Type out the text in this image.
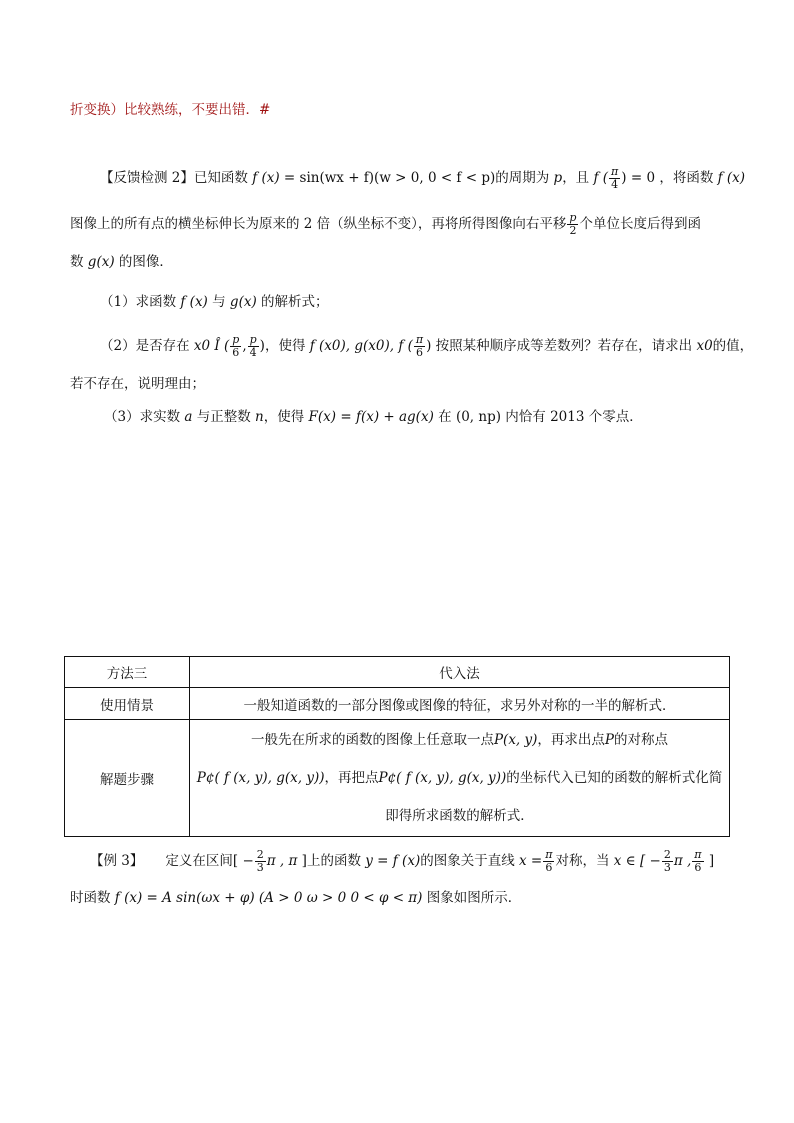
折变换）比较熟练，不要出错．#
【反馈检测 2】已知函数 f (x) = sin(wx + f)(w > 0, 0 < f < p)的周期为 p，且 f ( $\frac{\pi}{4}$ ) = 0 ，将函数 f (x)
图像上的所有点的横坐标伸长为原来的 2 倍（纵坐标不变），再将所得图像向右平移 $\frac{p}{2}$ 个单位长度后得到函
数 g(x) 的图像．
（1）求函数 f (x) 与 g(x) 的解析式；
（2）是否存在 x0 Î ( $\frac{p}{6}$ , $\frac{p}{4}$ )，使得 f (x0), g(x0), f ( $\frac{\pi}{6}$ ) 按照某种顺序成等差数列？若存在，请求出 x0的值，
若不存在，说明理由；
（3）求实数 a 与正整数 n，使得 F(x) = f(x) + ag(x) 在 (0, np) 内恰有 2013 个零点．
方法三	代入法
使用情景	一般知道函数的一部分图像或图像的特征，求另外对称的一半的解析式．
解题步骤	一般先在所求的函数的图像上任意取一点P(x, y)，再求出点P的对称点
P¢( f (x, y), g(x, y))，再把点P¢( f (x, y), g(x, y))的坐标代入已知的函数的解析式化简
即得所求函数的解析式．
【例 3】 定义在区间[ − $\frac{2}{3}$ π , π ]上的函数 y = f (x)的图象关于直线 $x = \frac{\pi}{6}$ 对称，当 x ∈ [ − $\frac{2}{3}$ π , $\frac{\pi}{6}$ ]
时函数 f (x) = A sin(ωx + φ) (A > 0 ω > 0 0 < φ < π) 图象如图所示．
